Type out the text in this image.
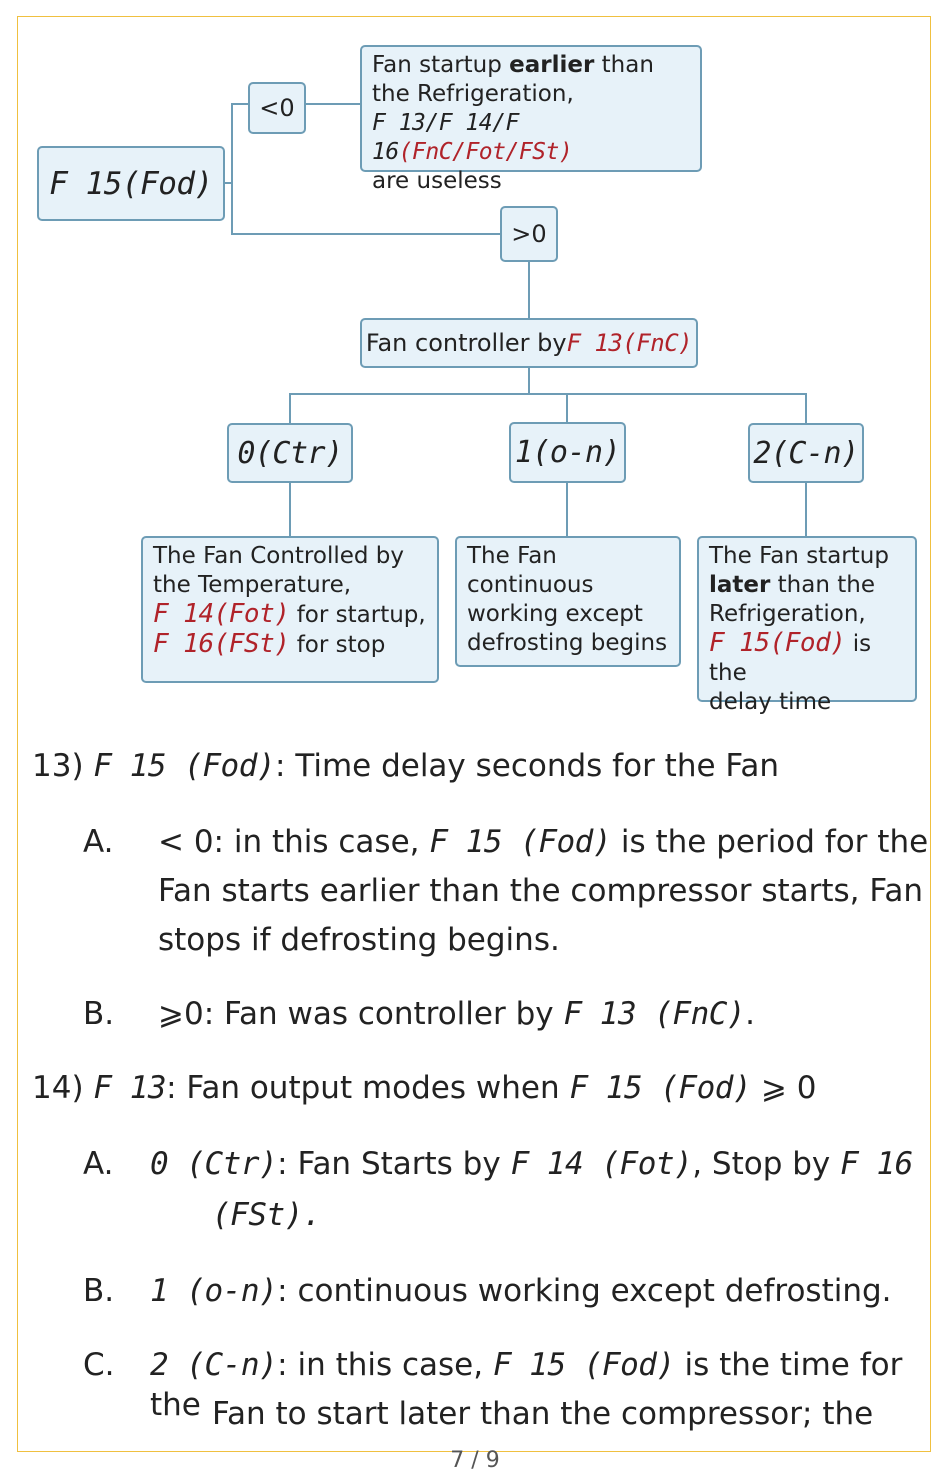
F 15(Fod)
<0
>0
Fan startup earlier than
the Refrigeration,
F 13/F 14/F 16(FnC/Fot/FSt)
are useless
Fan controller by F 13(FnC)
0(Ctr)	1(o-n)	2(C-n)
The Fan Controlled by
the Temperature,
F 14(Fot) for startup,
F 16(FSt) for stop
The Fan
continuous
working except
defrosting begins
The Fan startup
later than the
Refrigeration,
F 15(Fod) is the
delay time
13) F 15 (Fod): Time delay seconds for the Fan
A. < 0: in this case, F 15 (Fod) is the period for the
Fan starts earlier than the compressor starts, Fan
stops if defrosting begins.
B. ⩾0: Fan was controller by F 13 (FnC).
14) F 13: Fan output modes when F 15 (Fod) ⩾ 0
A. 0 (Ctr): Fan Starts by F 14 (Fot), Stop by F 16
(FSt).
B. 1 (o-n): continuous working except defrosting.
C. 2 (C-n): in this case, F 15 (Fod) is the time for the Fan to start later than the compressor; the
7 / 9
